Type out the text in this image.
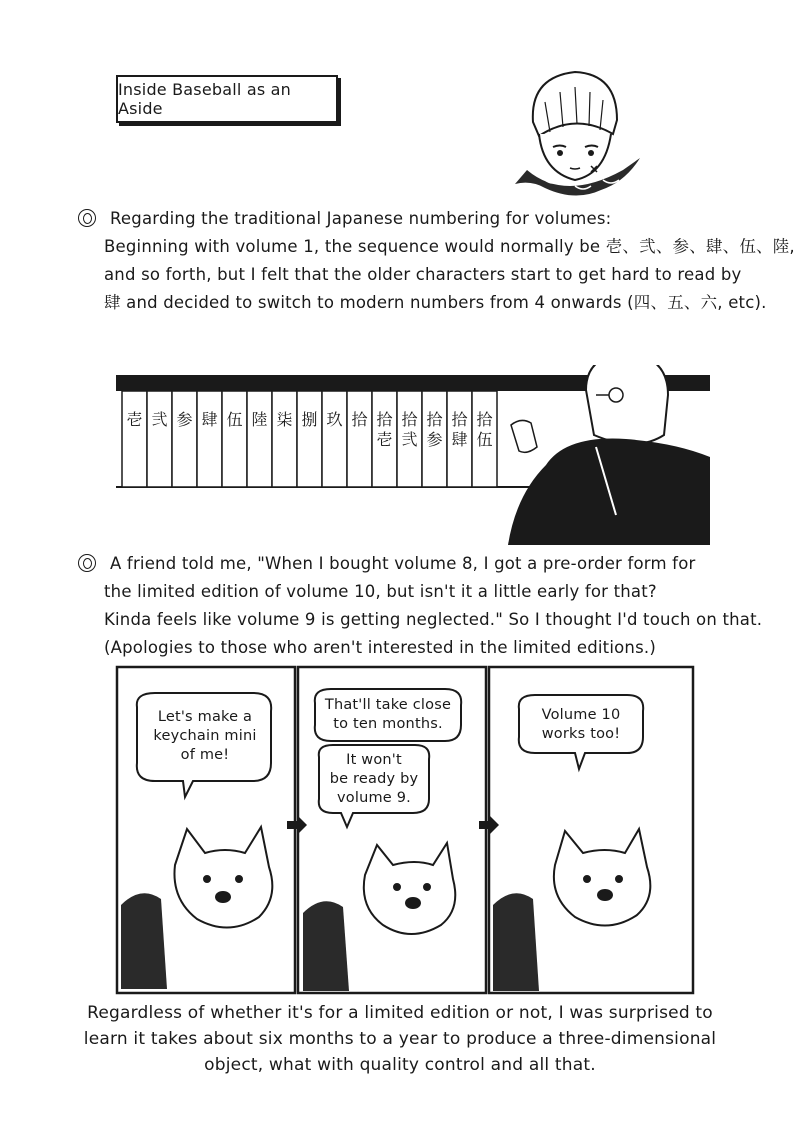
Inside Baseball as an Aside
Regarding the traditional Japanese numbering for volumes:
Beginning with volume 1, the sequence would normally be 壱、弐、参、肆、伍、陸,
and so forth, but I felt that the older characters start to get hard to read by
肆 and decided to switch to modern numbers from 4 onwards (四、五、六, etc).
壱 弐 参 肆 伍 陸 柒 捌 玖 拾 拾
壱
拾
弐
拾
参
拾
肆
拾
伍
A friend told me, "When I bought volume 8, I got a pre-order form for
the limited edition of volume 10, but isn't it a little early for that?
Kinda feels like volume 9 is getting neglected." So I thought I'd touch on that.
(Apologies to those who aren't interested in the limited editions.)
Let's make a
keychain mini
of me!
That'll take close
to ten months.
It won't
be ready by
volume 9.
Volume 10
works too!
Regardless of whether it's for a limited edition or not, I was surprised to
learn it takes about six months to a year to produce a three-dimensional
object, what with quality control and all that.
